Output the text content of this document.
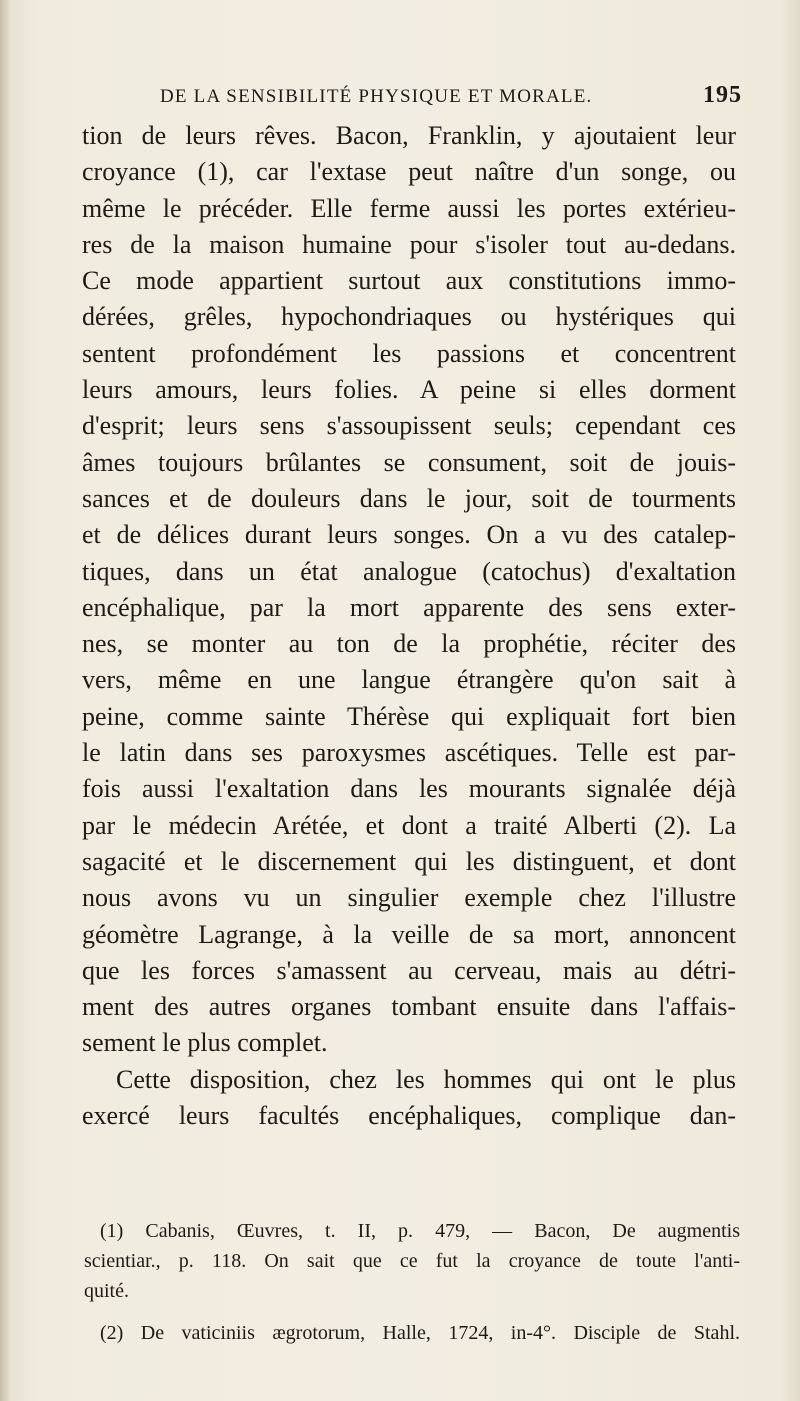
DE LA SENSIBILITÉ PHYSIQUE ET MORALE.	195
tion de leurs rêves. Bacon, Franklin, y ajoutaient leur
croyance (1), car l'extase peut naître d'un songe, ou
même le précéder. Elle ferme aussi les portes extérieu-
res de la maison humaine pour s'isoler tout au-dedans.
Ce mode appartient surtout aux constitutions immo-
dérées, grêles, hypochondriaques ou hystériques qui
sentent profondément les passions et concentrent
leurs amours, leurs folies. A peine si elles dorment
d'esprit; leurs sens s'assoupissent seuls; cependant ces
âmes toujours brûlantes se consument, soit de jouis-
sances et de douleurs dans le jour, soit de tourments
et de délices durant leurs songes. On a vu des catalep-
tiques, dans un état analogue (catochus) d'exaltation
encéphalique, par la mort apparente des sens exter-
nes, se monter au ton de la prophétie, réciter des
vers, même en une langue étrangère qu'on sait à
peine, comme sainte Thérèse qui expliquait fort bien
le latin dans ses paroxysmes ascétiques. Telle est par-
fois aussi l'exaltation dans les mourants signalée déjà
par le médecin Arétée, et dont a traité Alberti (2). La
sagacité et le discernement qui les distinguent, et dont
nous avons vu un singulier exemple chez l'illustre
géomètre Lagrange, à la veille de sa mort, annoncent
que les forces s'amassent au cerveau, mais au détri-
ment des autres organes tombant ensuite dans l'affais-
sement le plus complet.
Cette disposition, chez les hommes qui ont le plus
exercé leurs facultés encéphaliques, complique dan-
(1) Cabanis, Œuvres, t. II, p. 479, — Bacon, De augmentis
scientiar., p. 118. On sait que ce fut la croyance de toute l'anti-
quité.
(2) De vaticiniis ægrotorum, Halle, 1724, in-4°. Disciple de Stahl.
